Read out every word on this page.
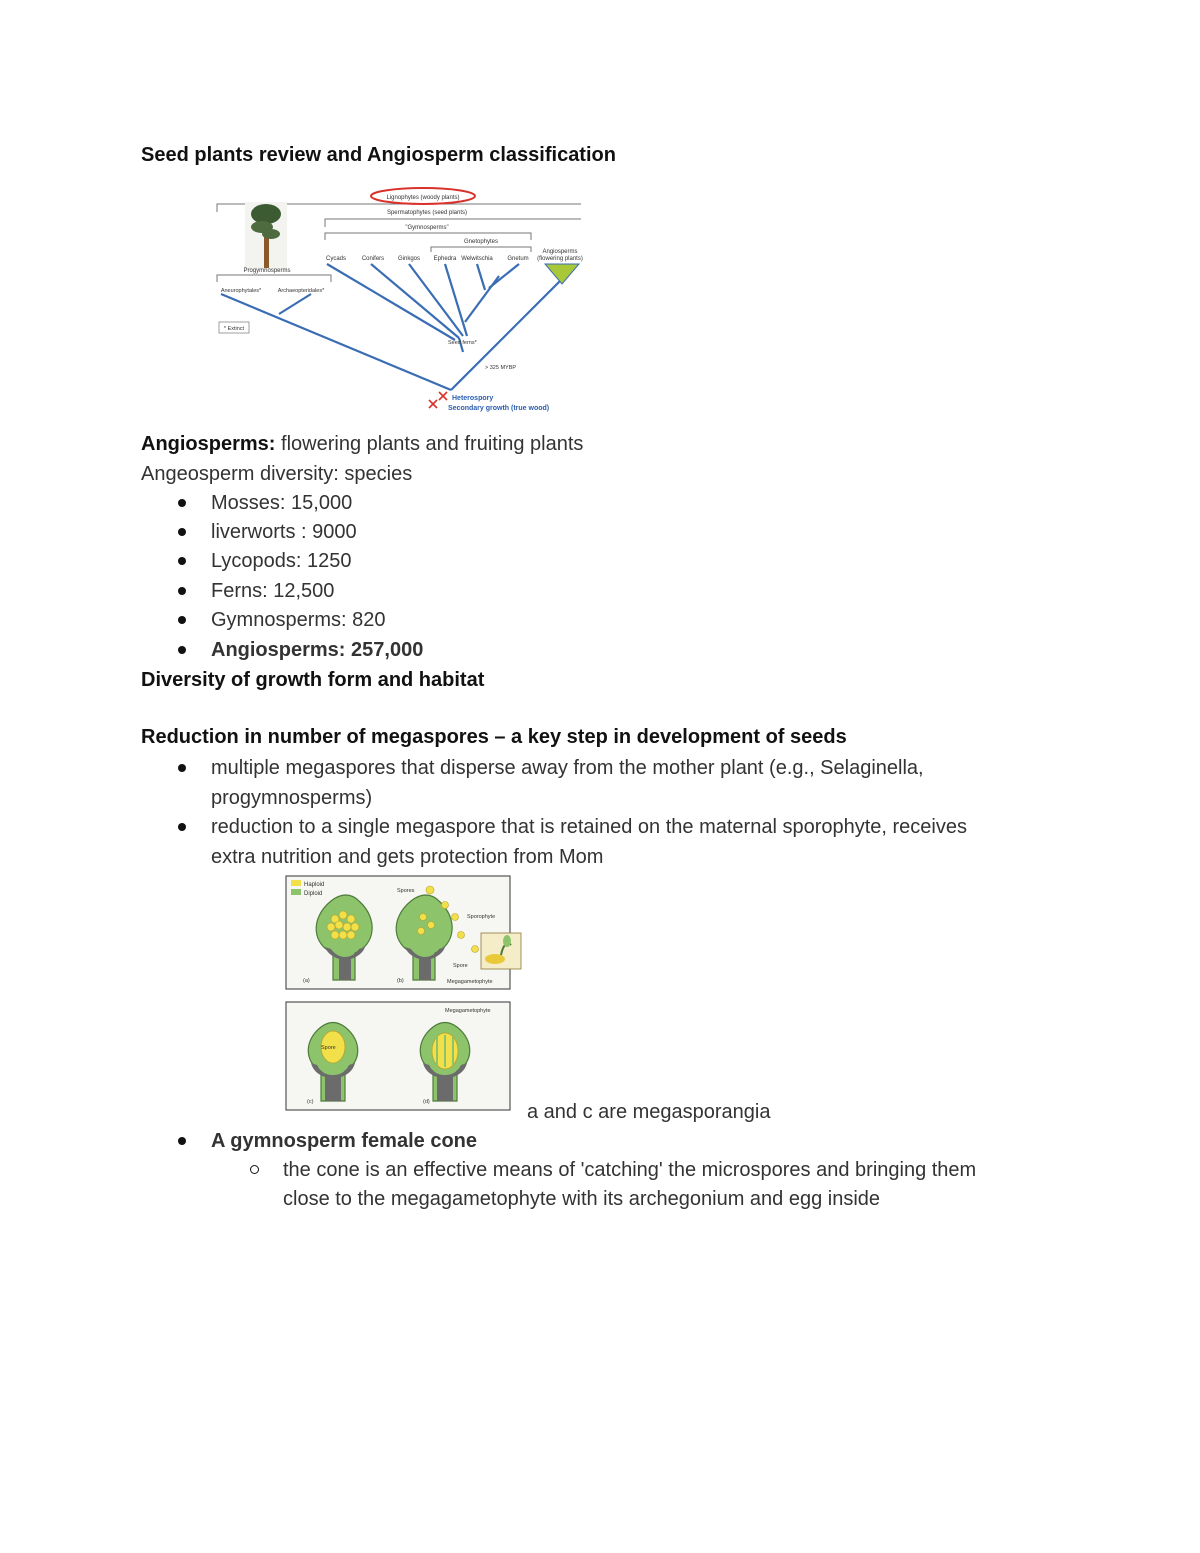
Seed plants review and Angiosperm classification
Lignophytes (woody plants)
Spermatophytes (seed plants)
"Gymnosperms"
Gnetophytes
Progymnosperms
Cycads	Conifers Ginkgos Ephedra Welwitschia Gnetum
Angiosperms
(flowering plants)
Aneurophytales*	Archaeopteridales*
* Extinct
Seed ferns*
> 325 MYBP
Heterospory
Secondary growth (true wood)
Angiosperms: flowering plants and fruiting plants
Angeosperm diversity: species
Mosses: 15,000
liverworts : 9000
Lycopods: 1250
Ferns: 12,500
Gymnosperms: 820
Angiosperms: 257,000
Diversity of growth form and habitat
Reduction in number of megaspores – a key step in development of seeds
multiple megaspores that disperse away from the mother plant (e.g., Selaginella,
progymnosperms)
reduction to a single megaspore that is retained on the maternal sporophyte, receives
extra nutrition and gets protection from Mom
Haploid
Diploid
(a)	(b)
Spores
Sporophyte
Spore
Megagametophyte
Spore
(c)
Megagametophyte
(d)	a and c are megasporangia
A gymnosperm female cone
the cone is an effective means of 'catching' the microspores and bringing them
close to the megagametophyte with its archegonium and egg inside
